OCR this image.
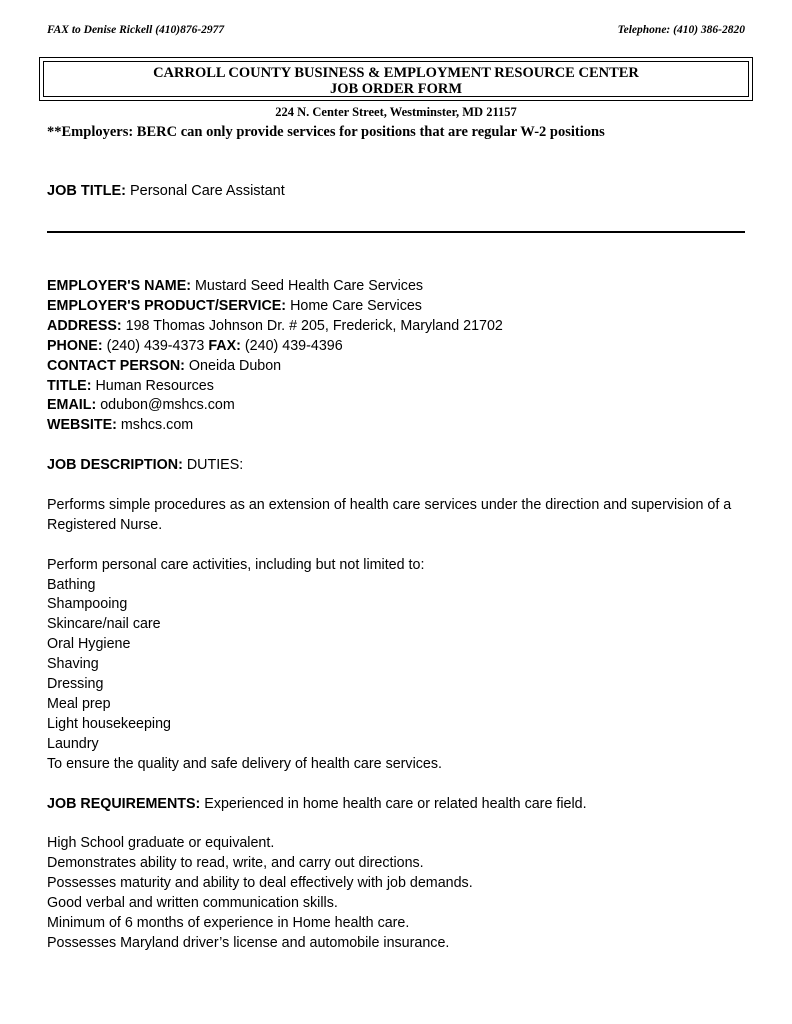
FAX to Denise Rickell (410)876-2977	Telephone: (410) 386-2820
CARROLL COUNTY BUSINESS & EMPLOYMENT RESOURCE CENTER
JOB ORDER FORM
224 N. Center Street, Westminster, MD 21157
**Employers: BERC can only provide services for positions that are regular W-2 positions
JOB TITLE: Personal Care Assistant
EMPLOYER'S NAME: Mustard Seed Health Care Services
EMPLOYER'S PRODUCT/SERVICE: Home Care Services
ADDRESS: 198 Thomas Johnson Dr. # 205, Frederick, Maryland 21702
PHONE: (240) 439-4373 FAX: (240) 439-4396
CONTACT PERSON: Oneida Dubon
TITLE: Human Resources
EMAIL: odubon@mshcs.com
WEBSITE: mshcs.com
JOB DESCRIPTION: DUTIES:
Performs simple procedures as an extension of health care services under the direction and supervision of a Registered Nurse.
Perform personal care activities, including but not limited to:
Bathing
Shampooing
Skincare/nail care
Oral Hygiene
Shaving
Dressing
Meal prep
Light housekeeping
Laundry
To ensure the quality and safe delivery of health care services.
JOB REQUIREMENTS: Experienced in home health care or related health care field.
High School graduate or equivalent.
Demonstrates ability to read, write, and carry out directions.
Possesses maturity and ability to deal effectively with job demands.
Good verbal and written communication skills.
Minimum of 6 months of experience in Home health care.
Possesses Maryland driver’s license and automobile insurance.
